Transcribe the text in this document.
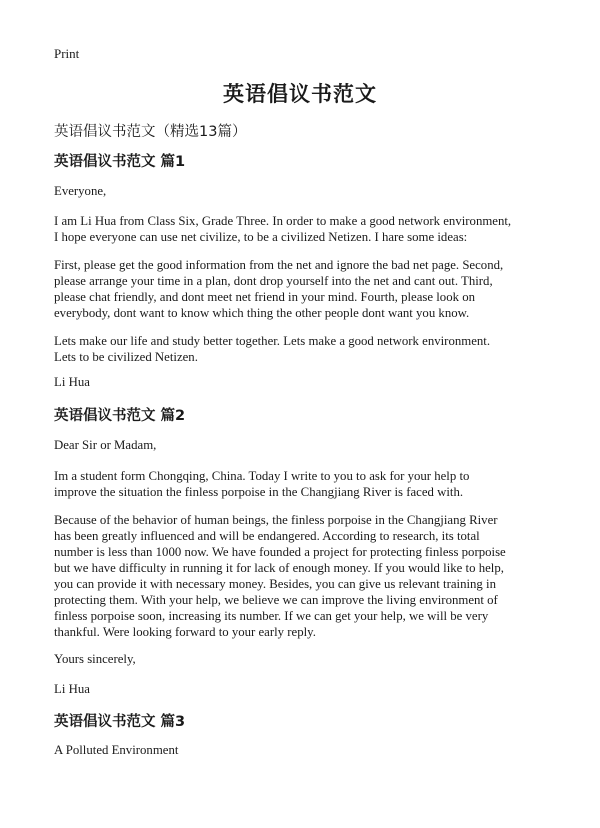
Print
英语倡议书范文
英语倡议书范文（精选13篇）
英语倡议书范文 篇1
Everyone,
I am Li Hua from Class Six, Grade Three. In order to make a good network environment,
I hope everyone can use net civilize, to be a civilized Netizen. I hare some ideas:
First, please get the good information from the net and ignore the bad net page. Second,
please arrange your time in a plan, dont drop yourself into the net and cant out. Third,
please chat friendly, and dont meet net friend in your mind. Fourth, please look on
everybody, dont want to know which thing the other people dont want you know.
Lets make our life and study better together. Lets make a good network environment.
Lets to be civilized Netizen.
Li Hua
英语倡议书范文 篇2
Dear Sir or Madam,
Im a student form Chongqing, China. Today I write to you to ask for your help to
improve the situation the finless porpoise in the Changjiang River is faced with.
Because of the behavior of human beings, the finless porpoise in the Changjiang River
has been greatly influenced and will be endangered. According to research, its total
number is less than 1000 now. We have founded a project for protecting finless porpoise
but we have difficulty in running it for lack of enough money. If you would like to help,
you can provide it with necessary money. Besides, you can give us relevant training in
protecting them. With your help, we believe we can improve the living environment of
finless porpoise soon, increasing its number. If we can get your help, we will be very
thankful. Were looking forward to your early reply.
Yours sincerely,
Li Hua
英语倡议书范文 篇3
A Polluted Environment
